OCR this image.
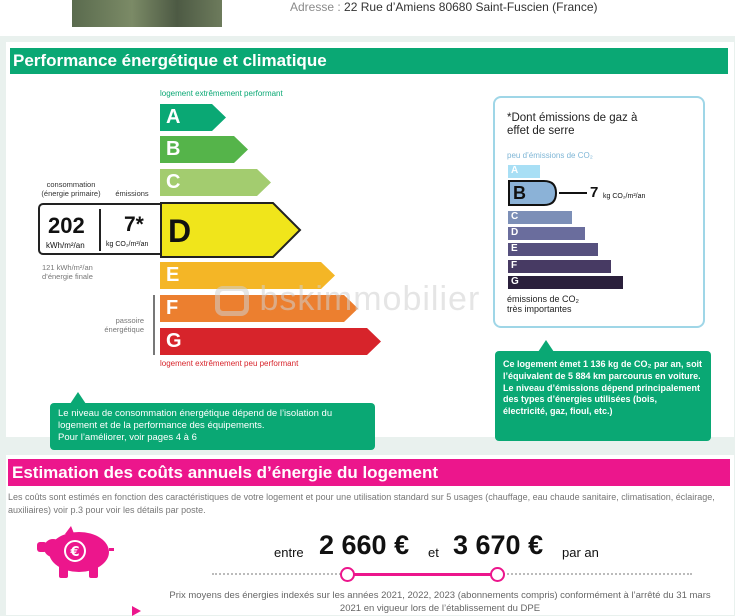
Adresse : 22 Rue d’Amiens 80680 Saint-Fuscien (France)
Performance énergétique et climatique
logement extrêmement performant
A
B
C
consommation
(énergie primaire)	émissions
202
kWh/m²/an
7*
kg CO₂/m²/an D
121 kWh/m²/an
d’énergie finale	E
passoire
énergétique
F
G
logement extrêmement peu performant
bskimmobilier
Le niveau de consommation énergétique dépend de l’isolation du logement et de la performance des équipements.
Pour l’améliorer, voir pages 4 à 6
*Dont émissions de gaz à effet de serre
peu d’émissions de CO₂
A
B	7 kg CO₂/m²/an
C
D
E
F
G
émissions de CO₂
très importantes
Ce logement émet 1 136 kg de CO₂ par an, soit l’équivalent de 5 884 km parcourus en voiture.
Le niveau d’émissions dépend principalement des types d’énergies utilisées (bois, électricité, gaz, fioul, etc.)
Estimation des coûts annuels d’énergie du logement
Les coûts sont estimés en fonction des caractéristiques de votre logement et pour une utilisation standard sur 5 usages (chauffage, eau chaude sanitaire, climatisation, éclairage, auxiliaires) voir p.3 pour voir les détails par poste.
€	entre 2 660 € et 3 670 € par an
Prix moyens des énergies indexés sur les années 2021, 2022, 2023 (abonnements compris) conformément à l’arrêté du 31 mars 2021 en vigueur lors de l’établissement du DPE
